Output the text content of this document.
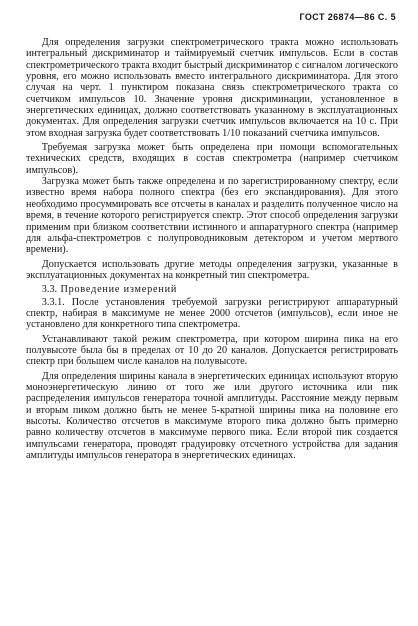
ГОСТ 26874—86 С. 5

Для определения загрузки спектрометрического тракта можно использовать интегральный дискриминатор и таймируемый счетчик импульсов. Если в состав спектрометрического тракта входит быстрый дискриминатор с сигналом логического уровня, его можно использовать вместо интегрального дискриминатора. Для этого случая на черт. 1 пунктиром показана связь спектрометрического тракта со счетчиком импульсов 10. Значение уровня дискриминации, установленное в энергетических единицах, должно соответствовать указанному в эксплуатационных документах. Для определения загрузки счетчик импульсов включается на 10 с. При этом входная загрузка будет соответствовать 1/10 показаний счетчика импульсов.

Требуемая загрузка может быть определена при помощи вспомогательных технических средств, входящих в состав спектрометра (например счетчиком импульсов).

Загрузка может быть также определена и по зарегистрированному спектру, если известно время набора полного спектра (без его экспандирования). Для этого необходимо просуммировать все отсчеты в каналах и разделить полученное число на время, в течение которого регистрируется спектр. Этот способ определения загрузки применим при близком соответствии истинного и аппаратурного спектра (например для альфа-спектрометров с полупроводниковым детектором и учетом мертвого времени).

Допускается использовать другие методы определения загрузки, указанные в эксплуатационных документах на конкретный тип спектрометра.

3.3. Проведение измерений

3.3.1. После установления требуемой загрузки регистрируют аппаратурный спектр, набирая в максимуме не менее 2000 отсчетов (импульсов), если иное не установлено для конкретного типа спектрометра.

Устанавливают такой режим спектрометра, при котором ширина пика на его полувысоте была бы в пределах от 10 до 20 каналов. Допускается регистрировать спектр при большем числе каналов на полувысоте.

Для определения ширины канала в энергетических единицах используют вторую моноэнергетическую линию от того же или другого источника или пик распределения импульсов генератора точной амплитуды. Расстояние между первым и вторым пиком должно быть не менее 5-кратной ширины пика на половине его высоты. Количество отсчетов в максимуме второго пика должно быть примерно равно количеству отсчетов в максимуме первого пика. Если второй пик создается импульсами генератора, проводят градуировку отсчетного устройства для задания амплитуды импульсов генератора в энергетических единицах.
